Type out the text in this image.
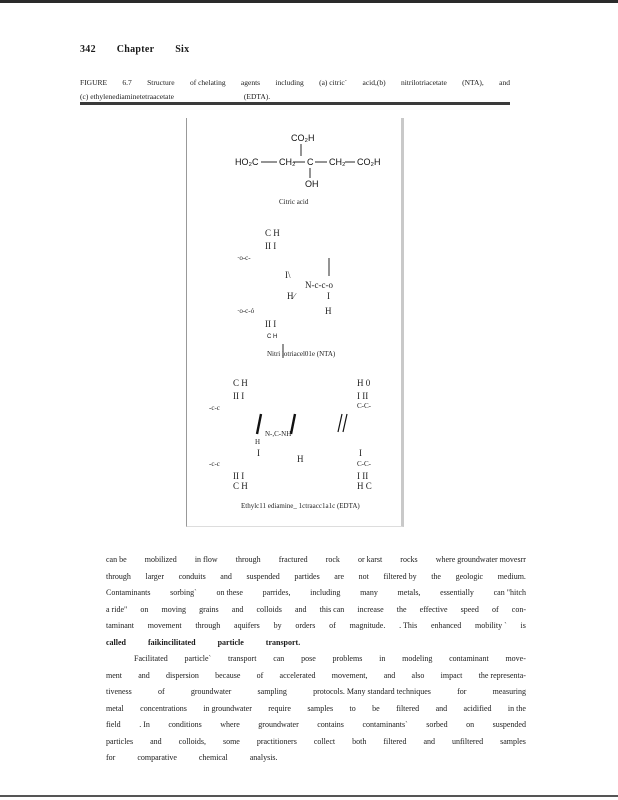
342 Chapter Six
FIGURE 6.7 Structure of chelating agents including (a) citric` acid,(b) nitrilotriacetate (NTA), and
(c) ethylenediaminetetraacetate	(EDTA).
CO₂H
HO₂C CH₂ C CH₂ CO₂H
OH
Citric acid
C H
II I
·o-c-
I\
N-c-c-o
H∕	I
·o-c-ó	H
II I
C H
Nitri lotriacel01e (NTA)
C H
II I
-c-c
H 0
I II
C-C-
N-,C-NH
H
I
H
I
-c-c	C-C-
II I	I II
C H	H C
Ethylc11 ediamine_ 1ctraacc1a1c (EDTA)
can be mobilized in flow through fractured rock or karst rocks where groundwater movesrr
through larger conduits and suspended partides are not filtered by the geologic medium.
Contaminants sorbing` on these parrides, including many metals, essentially can "hitch
a ride" on moving grains and colloids and this can increase the effective speed of con-
taminant movement through aquifers by orders of magnitude. . This enhanced mobility ` is
called	faikincilitated	particle	transport.
Facilitated particle` transport can pose problems in modeling contaminant move-
ment and dispersion because of accelerated movement, and also impact the representa-
tiveness	of	groundwater	sampling	protocols. Many standard techniques	for	measuring
metal concentrations in groundwater require samples to be filtered and acidified in the
field . In conditions where groundwater contains contaminants` sorbed on suspended
particles and colloids, some practitioners collect both filtered and unfiltered samples
for	comparative	chemical	analysis.
